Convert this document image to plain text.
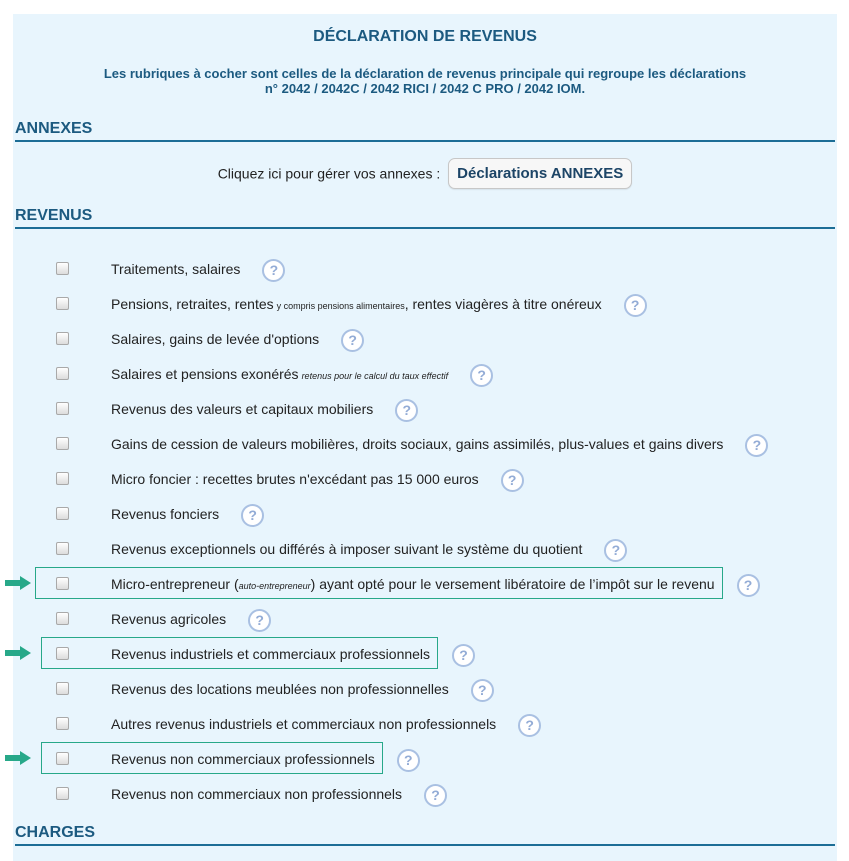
DÉCLARATION DE REVENUS
Les rubriques à cocher sont celles de la déclaration de revenus principale qui regroupe les déclarations
n° 2042 / 2042C / 2042 RICI / 2042 C PRO / 2042 IOM.
ANNEXES
Cliquez ici pour gérer vos annexes : Déclarations ANNEXES
REVENUS
Traitements, salaires ?
Pensions, retraites, rentes y compris pensions alimentaires, rentes viagères à titre onéreux ?
Salaires, gains de levée d'options ?
Salaires et pensions exonérés retenus pour le calcul du taux effectif ?
Revenus des valeurs et capitaux mobiliers ?
Gains de cession de valeurs mobilières, droits sociaux, gains assimilés, plus-values et gains divers ?
Micro foncier : recettes brutes n'excédant pas 15 000 euros ?
Revenus fonciers ?
Revenus exceptionnels ou différés à imposer suivant le système du quotient ?
Micro-entrepreneur (auto-entrepreneur) ayant opté pour le versement libératoire de l’impôt sur le revenu ?
Revenus agricoles ?
Revenus industriels et commerciaux professionnels ?
Revenus des locations meublées non professionnelles ?
Autres revenus industriels et commerciaux non professionnels ?
Revenus non commerciaux professionnels ?
Revenus non commerciaux non professionnels ?
CHARGES
